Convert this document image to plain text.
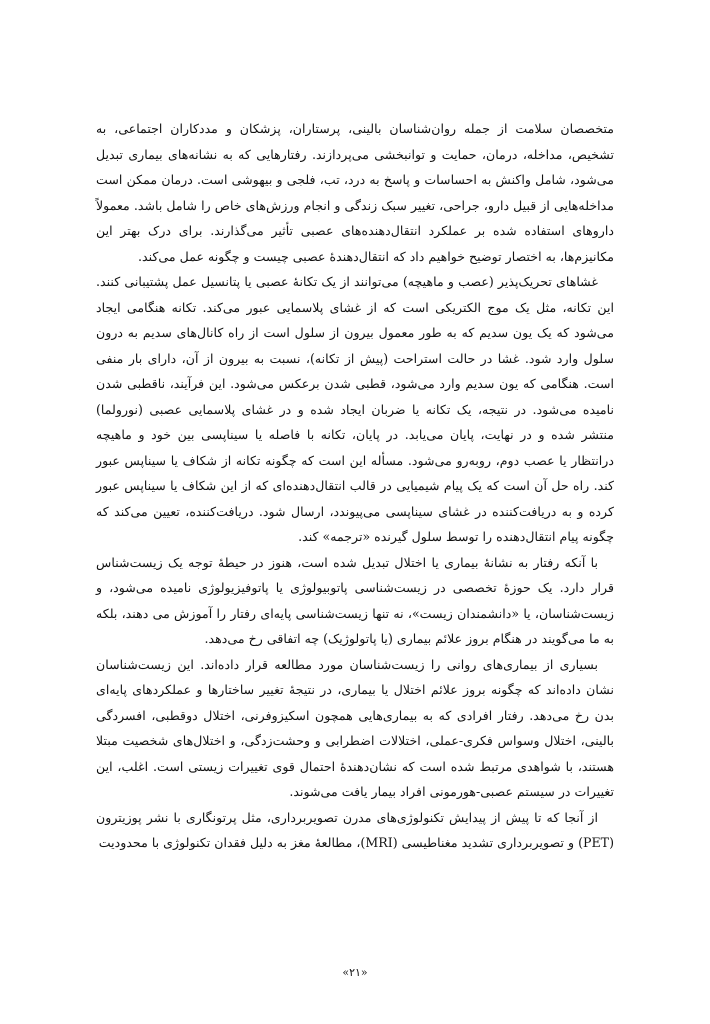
متخصصان سلامت از جمله روان‌شناسان بالینی، پرستاران، پزشکان و مددکاران اجتماعی، به تشخیص، مداخله، درمان، حمایت و توانبخشی می‌پردازند. رفتارهایی که به نشانه‌های بیماری تبدیل می‌شود، شامل واکنش به احساسات و پاسخ به درد، تب، فلجی و بیهوشی است. درمان ممکن است مداخله‌هایی از قبیل دارو، جراحی، تغییر سبک زندگی و انجام ورزش‌های خاص را شامل باشد. معمولاً داروهای استفاده شده بر عملکرد انتقال‌دهنده‌های عصبی تأثیر می‌گذارند. برای درک بهتر این مکانیزم‌ها، به اختصار توضیح خواهیم داد که انتقال‌دهندهٔ عصبی چیست و چگونه عمل می‌کند.

غشاهای تحریک‌پذیر (عصب و ماهیچه) می‌توانند از یک تکانهٔ عصبی یا پتانسیل عمل پشتیبانی کنند. این تکانه، مثل یک موج الکتریکی است که از غشای پلاسمایی عبور می‌کند. تکانه هنگامی ایجاد می‌شود که یک یون سدیم که به طور معمول بیرون از سلول است از راه کانال‌های سدیم به درون سلول وارد شود. غشا در حالت استراحت (پیش از تکانه)، نسبت به بیرون از آن، دارای بار منفی است. هنگامی که یون سدیم وارد می‌شود، قطبی شدن برعکس می‌شود. این فرآیند، ناقطبی شدن نامیده می‌شود. در نتیجه، یک تکانه یا ضربان ایجاد شده و در غشای پلاسمایی عصبی (نورولما) منتشر شده و در نهایت، پایان می‌یابد. در پایان، تکانه با فاصله یا سیناپسی بین خود و ماهیچه درانتظار یا عصب دوم، روبه‌رو می‌شود. مسأله این است که چگونه تکانه از شکاف یا سیناپس عبور کند. راه حل آن است که یک پیام شیمیایی در قالب انتقال‌دهنده‌ای که از این شکاف یا سیناپس عبور کرده و به دریافت‌کننده در غشای سیناپسی می‌پیوندد، ارسال شود. دریافت‌کننده، تعیین می‌کند که چگونه پیام انتقال‌دهنده را توسط سلول گیرنده «ترجمه» کند.

با آنکه رفتار به نشانهٔ بیماری یا اختلال تبدیل شده است، هنوز در حیطهٔ توجه یک زیست‌شناس قرار دارد. یک حوزهٔ تخصصی در زیست‌شناسی پاتوبیولوژی یا پاتوفیزیولوژی نامیده می‌شود، و زیست‌شناسان، یا «دانشمندان زیست»، نه تنها زیست‌شناسی پایه‌ای رفتار را آموزش می دهند، بلکه به ما می‌گویند در هنگام بروز علائم بیماری (یا پاتولوژیک) چه اتفاقی رخ می‌دهد.

بسیاری از بیماری‌های روانی را زیست‌شناسان مورد مطالعه قرار داده‌اند. این زیست‌شناسان نشان داده‌اند که چگونه بروز علائم اختلال یا بیماری، در نتیجهٔ تغییر ساختارها و عملکردهای پایه‌ای بدن رخ می‌دهد. رفتار افرادی که به بیماری‌هایی همچون اسکیزوفرنی، اختلال دوقطبی، افسردگی بالینی، اختلال وسواس فکری-عملی، اختلالات اضطرابی و وحشت‌زدگی، و اختلال‌های شخصیت مبتلا هستند، با شواهدی مرتبط شده است که نشان‌دهندهٔ احتمال قوی تغییرات زیستی است. اغلب، این تغییرات در سیستم عصبی-هورمونی افراد بیمار یافت می‌شوند.

از آنجا که تا پیش از پیدایش تکنولوژی‌های مدرن تصویربرداری، مثل پرتونگاری با نشر پوزیترون (PET) و تصویربرداری تشدید مغناطیسی (MRI)، مطالعهٔ مغز به دلیل فقدان تکنولوژی با محدودیت

«۲۱»
